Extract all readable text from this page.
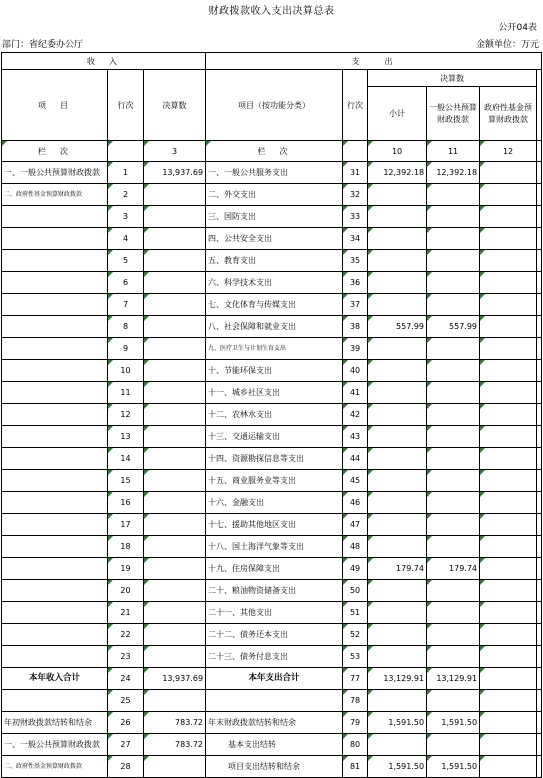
财政拨款收入支出决算总表
公开04表
部门：省纪委办公厅	金额单位：万元
收　入			支　　出					
项　目	行次	决算数	项目（按功能分类）	行次	决算数			
					小计	一般公共预算财政拨款	政府性基金预算财政拨款	
栏　次		3	栏　次		10	11	12	
一、一般公共预算财政拨款	1	13,937.69	一、一般公共服务支出	31	12,392.18	12,392.18		
二、政府性基金预算财政拨款	2		二、外交支出	32				
	3		三、国防支出	33				
	4		四、公共安全支出	34				
	5		五、教育支出	35				
	6		六、科学技术支出	36				
	7		七、文化体育与传媒支出	37				
	8		八、社会保障和就业支出	38	557.99	557.99		
	9		九、医疗卫生与计划生育支出	39				
	10		十、节能环保支出	40				
	11		十一、城乡社区支出	41				
	12		十二、农林水支出	42				
	13		十三、交通运输支出	43				
	14		十四、资源勘探信息等支出	44				
	15		十五、商业服务业等支出	45				
	16		十六、金融支出	46				
	17		十七、援助其他地区支出	47				
	18		十八、国土海洋气象等支出	48				
	19		十九、住房保障支出	49	179.74	179.74		
	20		二十、粮油物资储备支出	50				
	21		二十一、其他支出	51				
	22		二十二、债务还本支出	52				
	23		二十三、债务付息支出	53				
本年收入合计	24	13,937.69	本年支出合计	77	13,129.91	13,129.91		
	25			78				
年初财政拨款结转和结余	26	783.72	年末财政拨款结转和结余	79	1,591.50	1,591.50		
一、一般公共预算财政拨款	27	783.72	基本支出结转	80				
二、政府性基金预算财政拨款	28		项目支出结转和结余	81	1,591.50	1,591.50		
